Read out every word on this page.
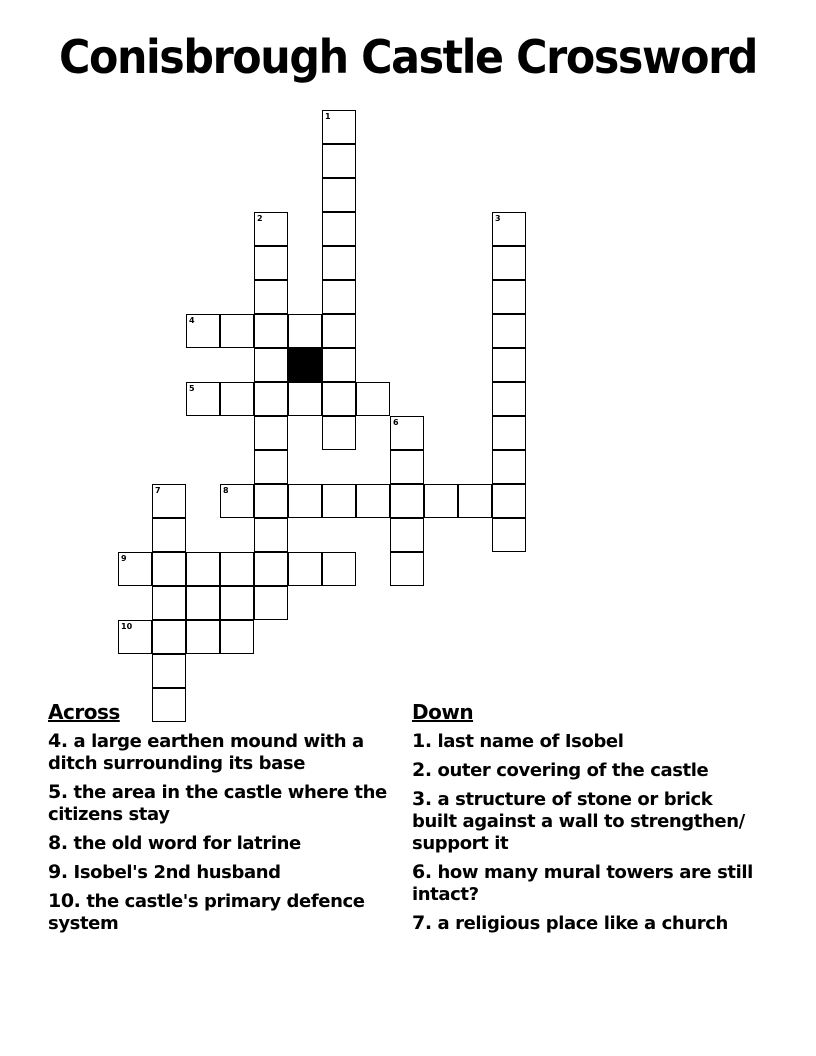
Conisbrough Castle Crossword
1
2	3
4
5
6
7	8
9
10
Across
4. a large earthen mound with a ditch surrounding its base
5. the area in the castle where the citizens stay
8. the old word for latrine
9. Isobel's 2nd husband
10. the castle's primary defence system
Down
1. last name of Isobel
2. outer covering of the castle
3. a structure of stone or brick built against a wall to strengthen/ support it
6. how many mural towers are still intact?
7. a religious place like a church
